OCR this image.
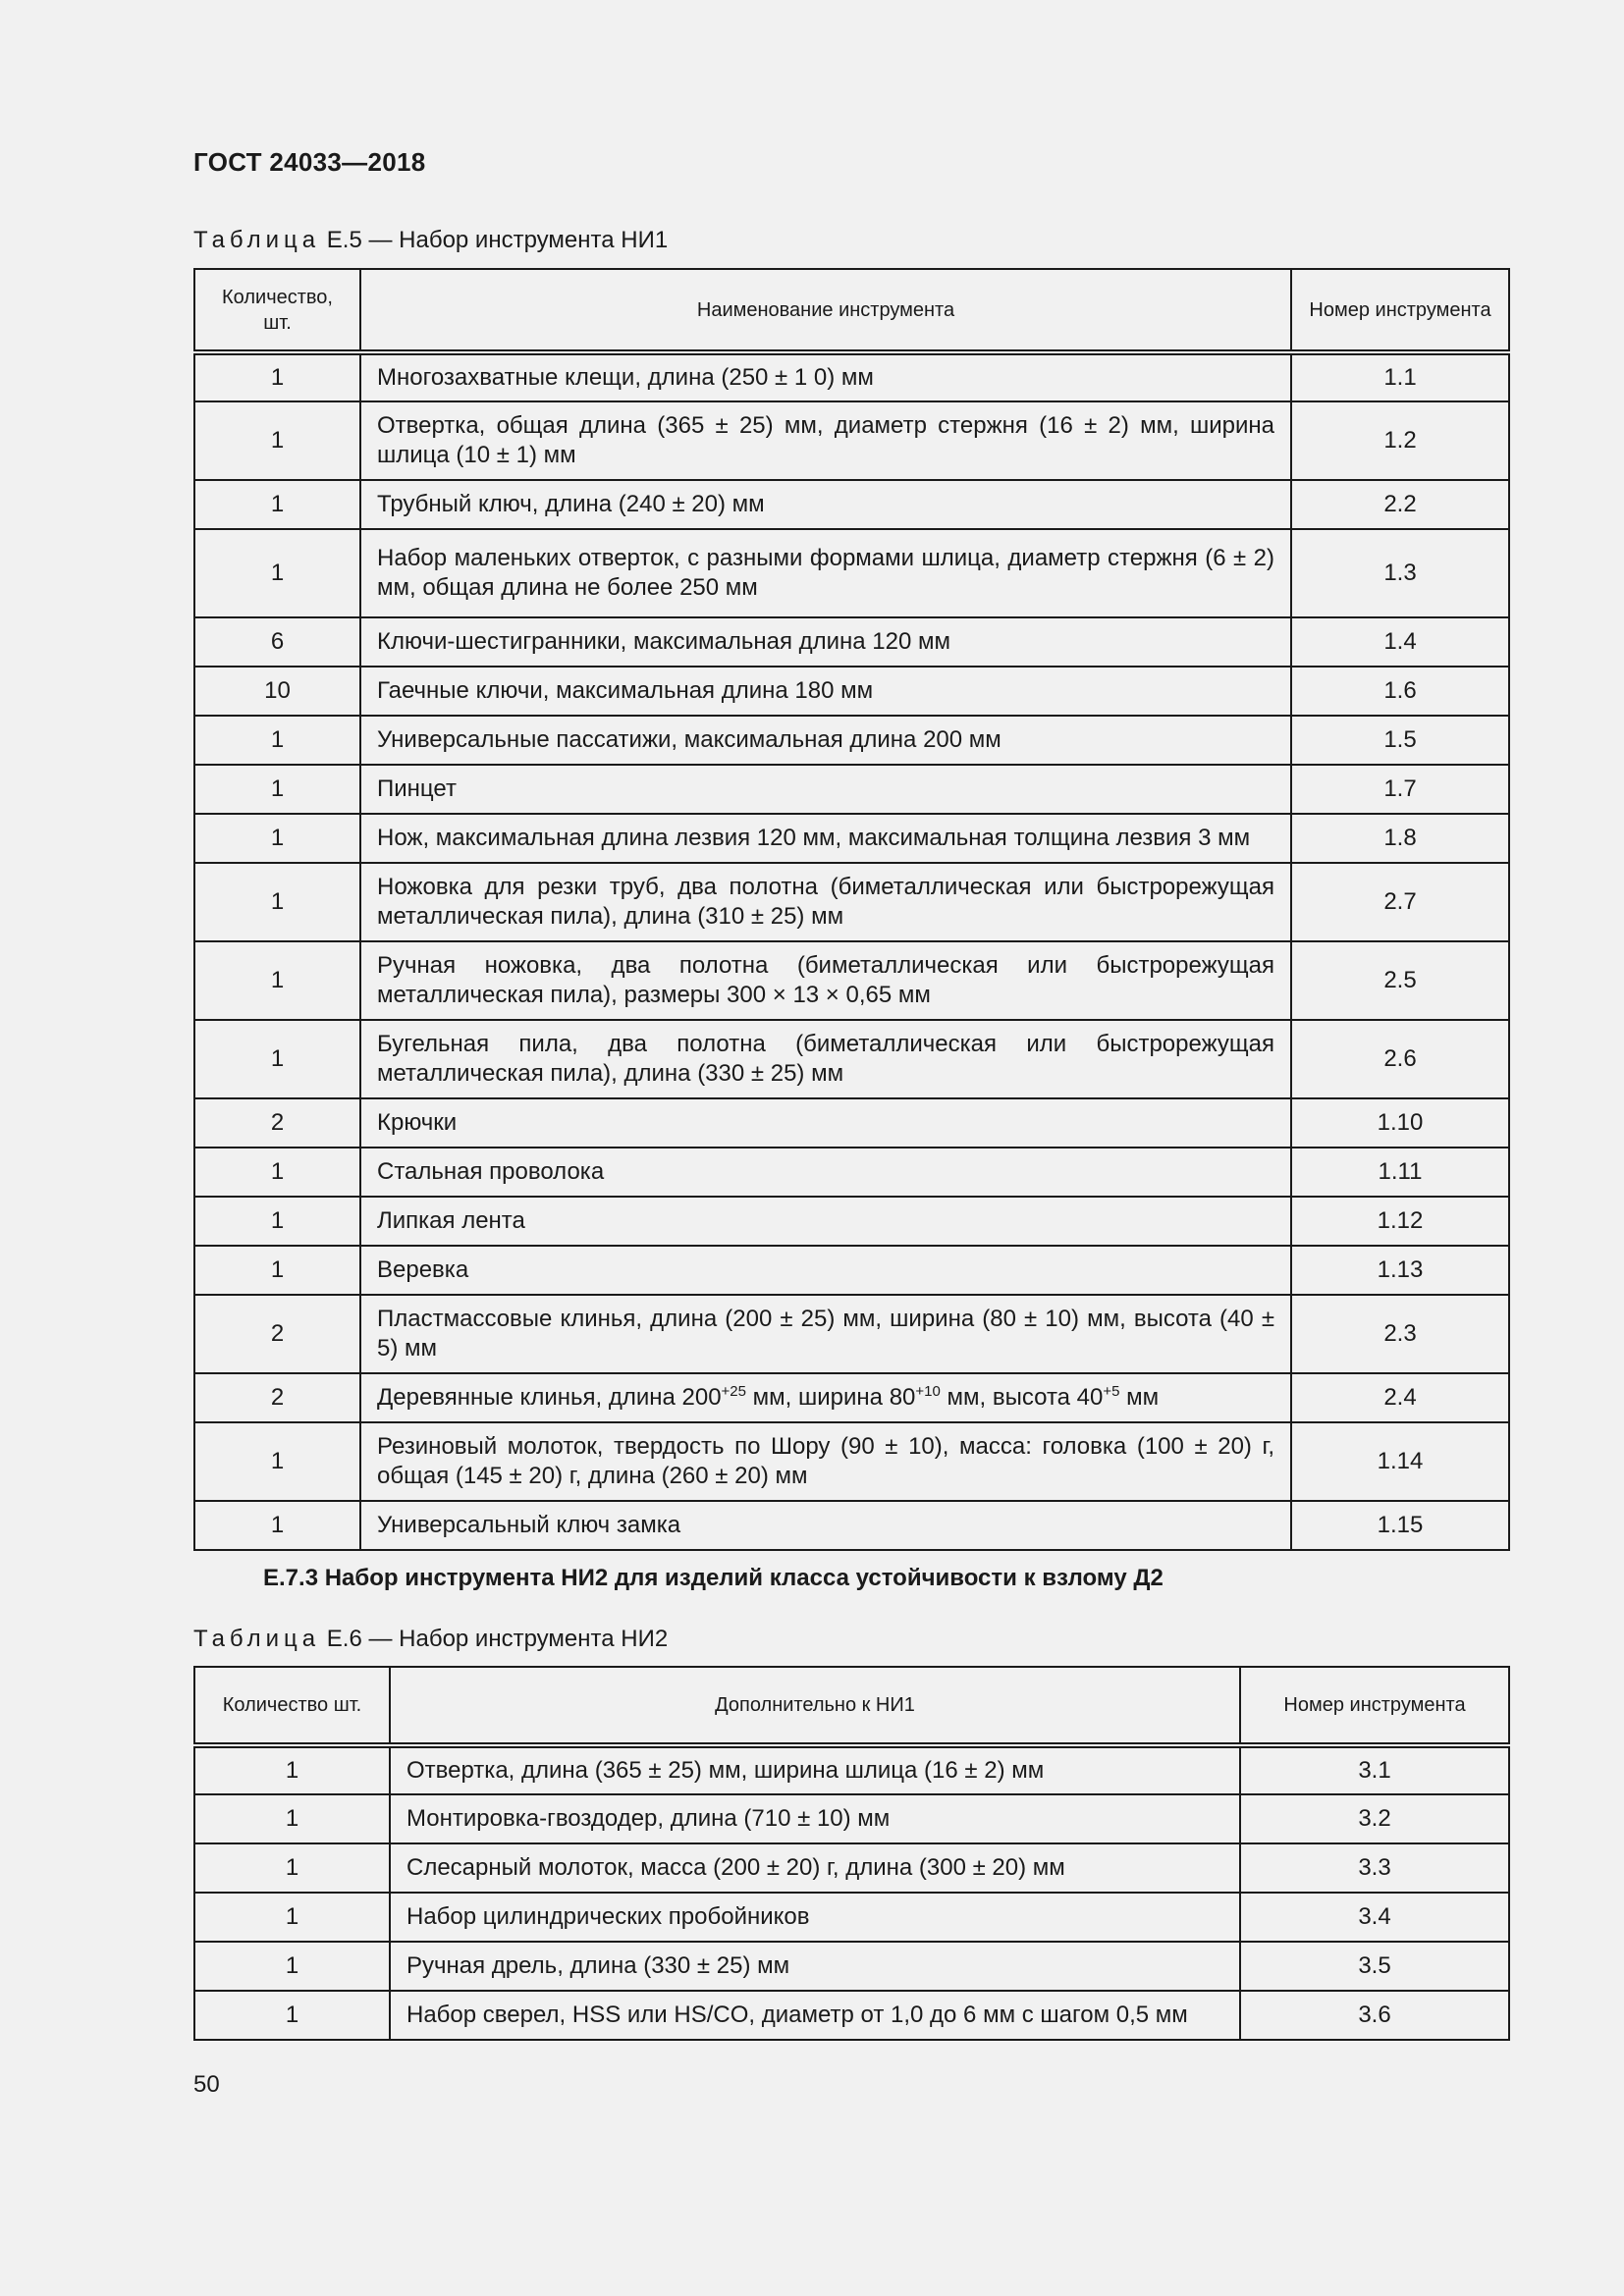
ГОСТ 24033—2018
Таблица Е.5 — Набор инструмента НИ1
Количество, шт.	Наименование инструмента	Номер инструмента
1	Многозахватные клещи, длина (250 ± 1 0) мм	1.1
1	Отвертка, общая длина (365 ± 25) мм, диаметр стержня (16 ± 2) мм, ширина шлица (10 ± 1) мм	1.2
1	Трубный ключ, длина (240 ± 20) мм	2.2
1	Набор маленьких отверток, с разными формами шлица, диаметр стержня (6 ± 2) мм, общая длина не более 250 мм	1.3
6	Ключи-шестигранники, максимальная длина 120 мм	1.4
10	Гаечные ключи, максимальная длина 180 мм	1.6
1	Универсальные пассатижи, максимальная длина 200 мм	1.5
1	Пинцет	1.7
1	Нож, максимальная длина лезвия 120 мм, максимальная толщина лезвия 3 мм	1.8
1	Ножовка для резки труб, два полотна (биметаллическая или быстрорежущая металлическая пила), длина (310 ± 25) мм	2.7
1	Ручная ножовка, два полотна (биметаллическая или быстрорежущая металлическая пила), размеры 300 × 13 × 0,65 мм	2.5
1	Бугельная пила, два полотна (биметаллическая или быстрорежущая металлическая пила), длина (330 ± 25) мм	2.6
2	Крючки	1.10
1	Стальная проволока	1.11
1	Липкая лента	1.12
1	Веревка	1.13
2	Пластмассовые клинья, длина (200 ± 25) мм, ширина (80 ± 10) мм, высота (40 ± 5) мм	2.3
2	Деревянные клинья, длина $200^{+25}$ мм, ширина $80^{+10}$ мм, высота $40^{+5}$ мм	2.4
1	Резиновый молоток, твердость по Шору (90 ± 10), масса: головка (100 ± 20) г, общая (145 ± 20) г, длина (260 ± 20) мм	1.14
1	Универсальный ключ замка	1.15
Е.7.3 Набор инструмента НИ2 для изделий класса устойчивости к взлому Д2
Таблица Е.6 — Набор инструмента НИ2
Количество шт.	Дополнительно к НИ1	Номер инструмента
1	Отвертка, длина (365 ± 25) мм, ширина шлица (16 ± 2) мм	3.1
1	Монтировка-гвоздодер, длина (710 ± 10) мм	3.2
1	Слесарный молоток, масса (200 ± 20) г, длина (300 ± 20) мм	3.3
1	Набор цилиндрических пробойников	3.4
1	Ручная дрель, длина (330 ± 25) мм	3.5
1	Набор сверел, HSS или HS/CO, диаметр от 1,0 до 6 мм с шагом 0,5 мм	3.6
50
